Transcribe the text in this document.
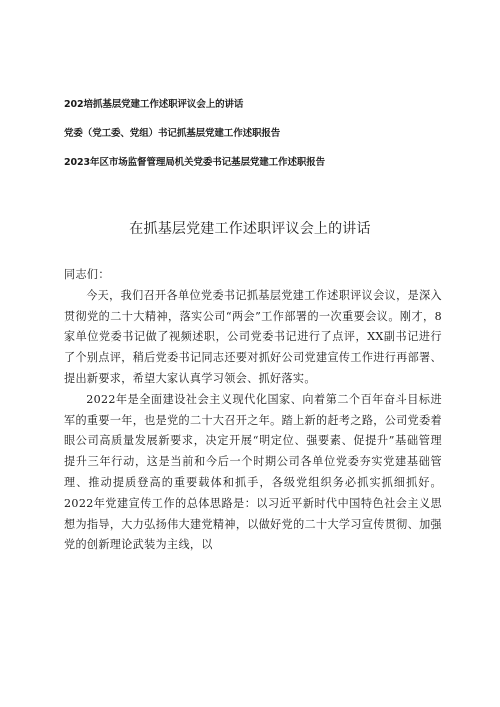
202培抓基层党建工作述职评议会上的讲话
党委（党工委、党组）书记抓基层党建工作述职报告
2023年区市场监督管理局机关党委书记基层党建工作述职报告
在抓基层党建工作述职评议会上的讲话

同志们：

今天，我们召开各单位党委书记抓基层党建工作述职评议会议，是深入贯彻党的二十大精神，落实公司“两会”工作部署的一次重要会议。刚才，8家单位党委书记做了视频述职，公司党委书记进行了点评，XX副书记进行了个别点评，稍后党委书记同志还要对抓好公司党建宣传工作进行再部署、提出新要求，希望大家认真学习领会、抓好落实。

2022年是全面建设社会主义现代化国家、向着第二个百年奋斗目标进军的重要一年，也是党的二十大召开之年。踏上新的赶考之路，公司党委着眼公司高质量发展新要求，决定开展“明定位、强要素、促提升”基础管理提升三年行动，这是当前和今后一个时期公司各单位党委夯实党建基础管理、推动提质登高的重要载体和抓手，各级党组织务必抓实抓细抓好。2022年党建宣传工作的总体思路是：以习近平新时代中国特色社会主义思想为指导，大力弘扬伟大建党精神，以做好党的二十大学习宣传贯彻、加强党的创新理论武装为主线，以
